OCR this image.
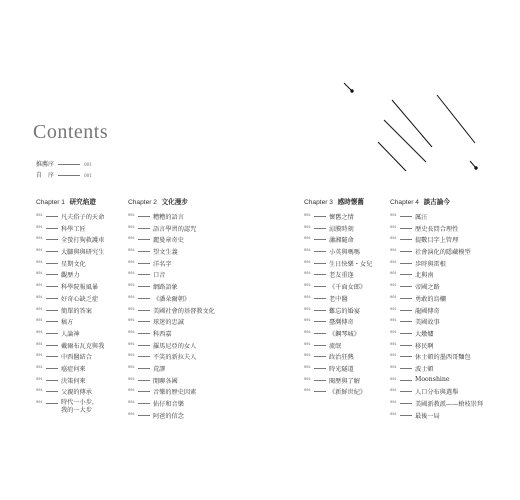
Contents
推薦序	001
自　序	001
Chapter 1 研究焰遊
001	凡夫俗子的天命
001	科學工匠
001	全螢打狗救護車
001	大腳與與研究生
001	星期文化
001	觀歷力
001	科學院報風暴
001	好奇心缺乏症
001	簡單的答案
001	稿方
001	人論神
001	戴爾布瓦克與我
001	中西醫結合
001	癌症何來
001	決策何來
001	父親的傳承
001	時代一小步，
我的一大步
Chapter 2 文化漫步
001	糟糟的語言
001	語言學習的認咒
001	麗曼章奇史
001	望文生義
001	洋名字
001	口音
001	網路語象
001	《潘朵爾朝》
001	美國社會的基督教文化
001	球迷的忠誠
001	科西嘉
001	羅馬尼亞的女人
001	不笑的新拉夫人
001	荒謬
001	閒聊各國
001	音樂的歷史因素
001	佑仔和音樂
001	阿爸的信念
Chapter 3 感時懷舊
001	懷舊之情
001	涼膜時刻
001	瀟湘隨命
001	小英與嗎嗎
001	生日快樂・女兒
001	老友重逢
001	《千面女郎》
001	老中醫
001	難忘的婚宴
001	臺灣傳奇
001	《鋼琴城》
001	流氓
001	政治狂熱
001	時光隧道
001	閱歷與了解
001	《新鮮世紀》
Chapter 4 談古論今
001	厲汪
001	歷史長問合理性
001	提數目字上管理
001	社會演化的隱藏模型
001	歩時與雷根
001	北與南
001	帝國之路
001	勇敢的烏欄
001	龍國傳奇
001	美國故事
001	大燉爐
001	移民啊
001	休士頓的墨西哥麵包
001	波士頓
001	Moonshine
001	人口分布與選舉
001	美國新教派——槍枝崇拜
001	最後一局
